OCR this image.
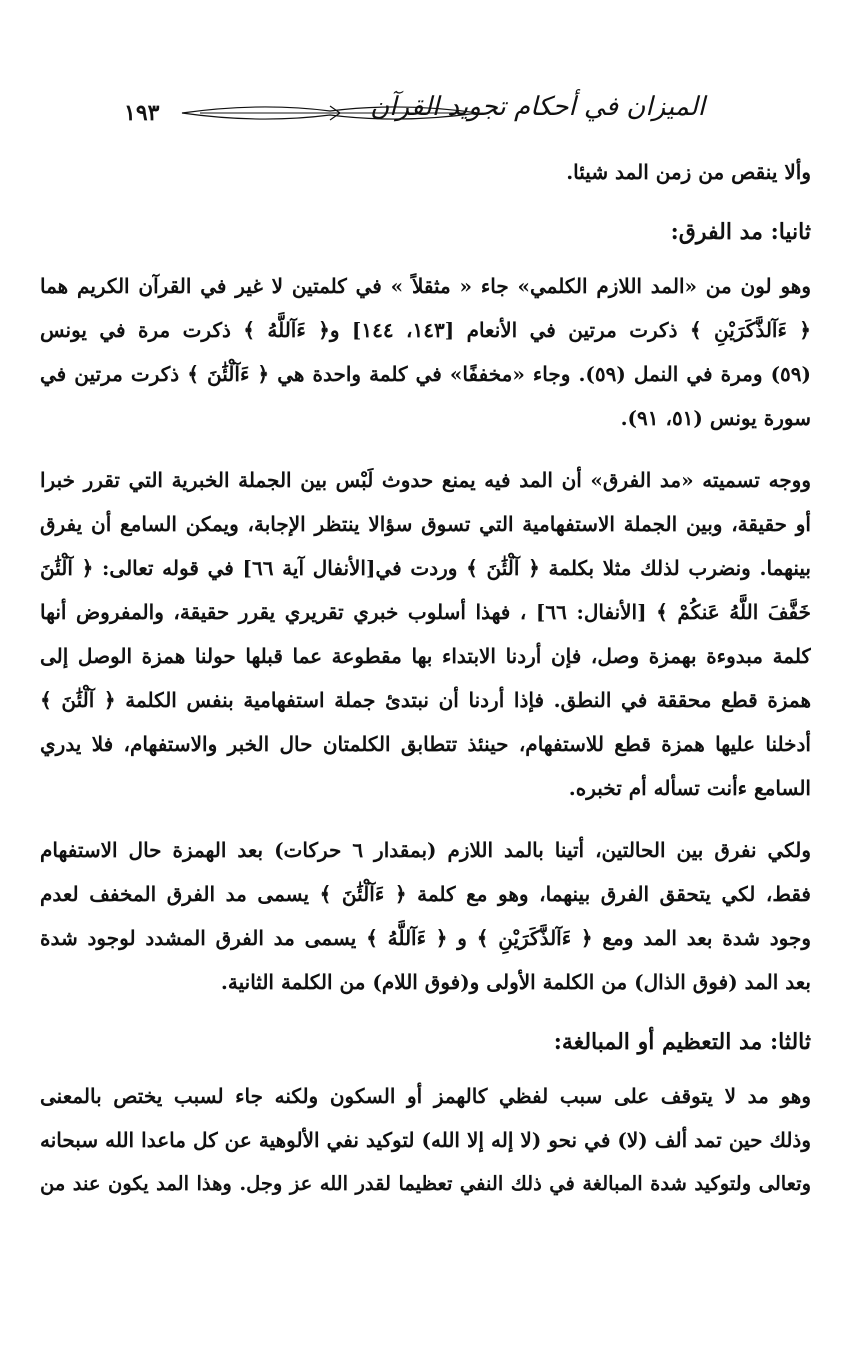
١٩٣	الميزان في أحكام تجويد القرآن
وألا ينقص من زمن المد شيئا.
ثانيا: مد الفرق:
وهو لون من «المد اللازم الكلمي» جاء « مثقلاً » في كلمتين لا غير في القرآن الكريم هما
﴿ ءَآلذَّكَرَيْنِ ﴾ ذكرت مرتين في الأنعام [١٤٣، ١٤٤] و﴿ ءَآللَّهُ ﴾ ذكرت مرة في يونس
(٥٩) ومرة في النمل (٥٩). وجاء «مخففًا» في كلمة واحدة هي ﴿ ءَآلْئَٰنَ ﴾ ذكرت مرتين في
سورة يونس (٥١، ٩١).
ووجه تسميته «مد الفرق» أن المد فيه يمنع حدوث لَبْس بين الجملة الخبرية التي تقرر خبرا
أو حقيقة، وبين الجملة الاستفهامية التي تسوق سؤالا ينتظر الإجابة، ويمكن السامع أن يفرق
بينهما. ونضرب لذلك مثلا بكلمة ﴿ آلْئَٰنَ ﴾ وردت في[الأنفال آية ٦٦] في قوله تعالى: ﴿ آلْئَٰنَ
خَفَّفَ اللَّهُ عَنكُمْ ﴾ [الأنفال: ٦٦] ، فهذا أسلوب خبري تقريري يقرر حقيقة، والمفروض أنها
كلمة مبدوءة بهمزة وصل، فإن أردنا الابتداء بها مقطوعة عما قبلها حولنا همزة الوصل إلى
همزة قطع محققة في النطق. فإذا أردنا أن نبتدئ جملة استفهامية بنفس الكلمة ﴿ آلْئَٰنَ ﴾
أدخلنا عليها همزة قطع للاستفهام، حينئذ تتطابق الكلمتان حال الخبر والاستفهام، فلا يدري
السامع ءأنت تسأله أم تخبره.
ولكي نفرق بين الحالتين، أتينا بالمد اللازم (بمقدار ٦ حركات) بعد الهمزة حال الاستفهام
فقط، لكي يتحقق الفرق بينهما، وهو مع كلمة ﴿ ءَآلْئَٰنَ ﴾ يسمى مد الفرق المخفف لعدم
وجود شدة بعد المد ومع ﴿ ءَآلذَّكَرَيْنِ ﴾ و ﴿ ءَآللَّهُ ﴾ يسمى مد الفرق المشدد لوجود شدة
بعد المد (فوق الذال) من الكلمة الأولى و(فوق اللام) من الكلمة الثانية.
ثالثا: مد التعظيم أو المبالغة:
وهو مد لا يتوقف على سبب لفظي كالهمز أو السكون ولكنه جاء لسبب يختص بالمعنى
وذلك حين تمد ألف (لا) في نحو (لا إله إلا الله) لتوكيد نفي الألوهية عن كل ماعدا الله سبحانه
وتعالى ولتوكيد شدة المبالغة في ذلك النفي تعظيما لقدر الله عز وجل. وهذا المد يكون عند من
